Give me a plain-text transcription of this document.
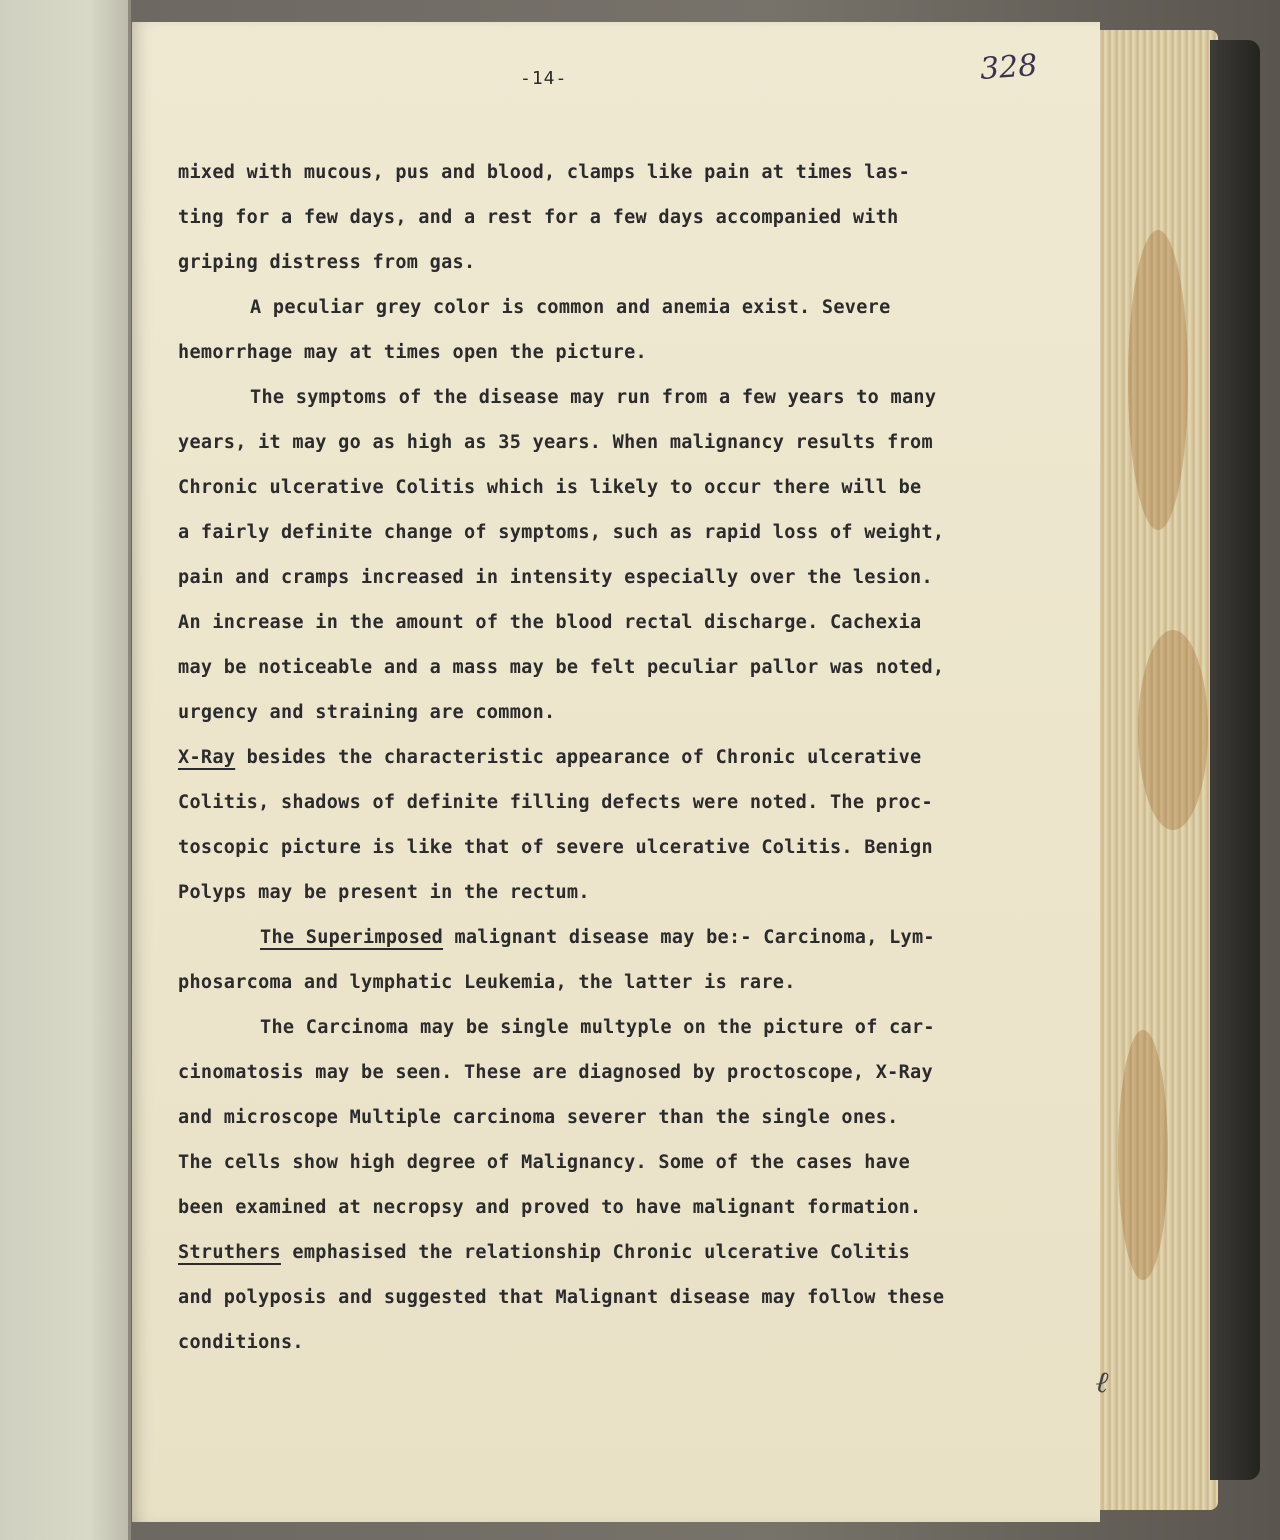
-14-	328
mixed with mucous, pus and blood, clamps like pain at times las-
ting for a few days, and a rest for a few days accompanied with
griping distress from gas.
A peculiar grey color is common and anemia exist. Severe
hemorrhage may at times open the picture.
The symptoms of the disease may run from a few years to many
years, it may go as high as 35 years. When malignancy results from
Chronic ulcerative Colitis which is likely to occur there will be
a fairly definite change of symptoms, such as rapid loss of weight,
pain and cramps increased in intensity especially over the lesion.
An increase in the amount of the blood rectal discharge. Cachexia
may be noticeable and a mass may be felt peculiar pallor was noted,
urgency and straining are common.
X-Ray besides the characteristic appearance of Chronic ulcerative
Colitis, shadows of definite filling defects were noted. The proc-
toscopic picture is like that of severe ulcerative Colitis. Benign
Polyps may be present in the rectum.
The Superimposed malignant disease may be:- Carcinoma, Lym-
phosarcoma and lymphatic Leukemia, the latter is rare.
The Carcinoma may be single multyple on the picture of car-
cinomatosis may be seen. These are diagnosed by proctoscope, X-Ray
and microscope Multiple carcinoma severer than the single ones.
The cells show high degree of Malignancy. Some of the cases have
been examined at necropsy and proved to have malignant formation.
Struthers emphasised the relationship Chronic ulcerative Colitis
and polyposis and suggested that Malignant disease may follow these
conditions.
ℓ
